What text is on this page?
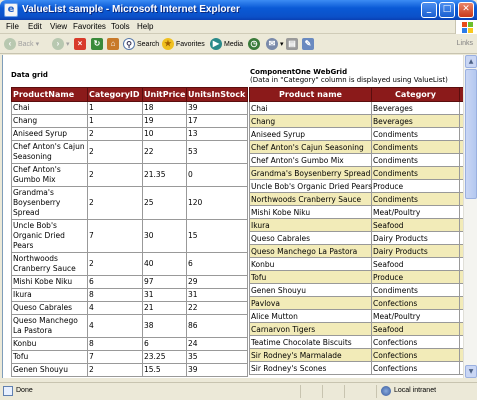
e ValueList sample - Microsoft Internet Explorer	_	□	✕
File Edit View Favorites Tools Help
‹ Back ▾	› ▾	×	↻	⌂	⚲ Search ★ Favorites	▶ Media ◷	✉ ▾ ▤	✎	Links
Data grid	ComponentOne WebGrid
(Data in "Category" column is displayed using ValueList)
ProductName	CategoryID	UnitPrice	UnitsInStock
Chai	1	18	39
Chang	1	19	17
Aniseed Syrup	2	10	13
Chef Anton's Cajun Seasoning	2	22	53
Chef Anton's Gumbo Mix	2	21.35	0
Grandma's Boysenberry Spread	2	25	120
Uncle Bob's Organic Dried Pears	7	30	15
Northwoods Cranberry Sauce	2	40	6
Mishi Kobe Niku	6	97	29
Ikura	8	31	31
Queso Cabrales	4	21	22
Queso Manchego La Pastora	4	38	86
Konbu	8	6	24
Tofu	7	23.25	35
Genen Shouyu	2	15.5	39
Product name	Category	
Chai	Beverages	
Chang	Beverages	
Aniseed Syrup	Condiments	
Chef Anton's Cajun Seasoning	Condiments	
Chef Anton's Gumbo Mix	Condiments	
Grandma's Boysenberry Spread	Condiments	
Uncle Bob's Organic Dried Pears	Produce	
Northwoods Cranberry Sauce	Condiments	
Mishi Kobe Niku	Meat/Poultry	
Ikura	Seafood	
Queso Cabrales	Dairy Products	
Queso Manchego La Pastora	Dairy Products	
Konbu	Seafood	
Tofu	Produce	
Genen Shouyu	Condiments	
Pavlova	Confections	
Alice Mutton	Meat/Poultry	
Carnarvon Tigers	Seafood	
Teatime Chocolate Biscuits	Confections	
Sir Rodney's Marmalade	Confections	
Sir Rodney's Scones	Confections	
▲
▼
Done	Local intranet
